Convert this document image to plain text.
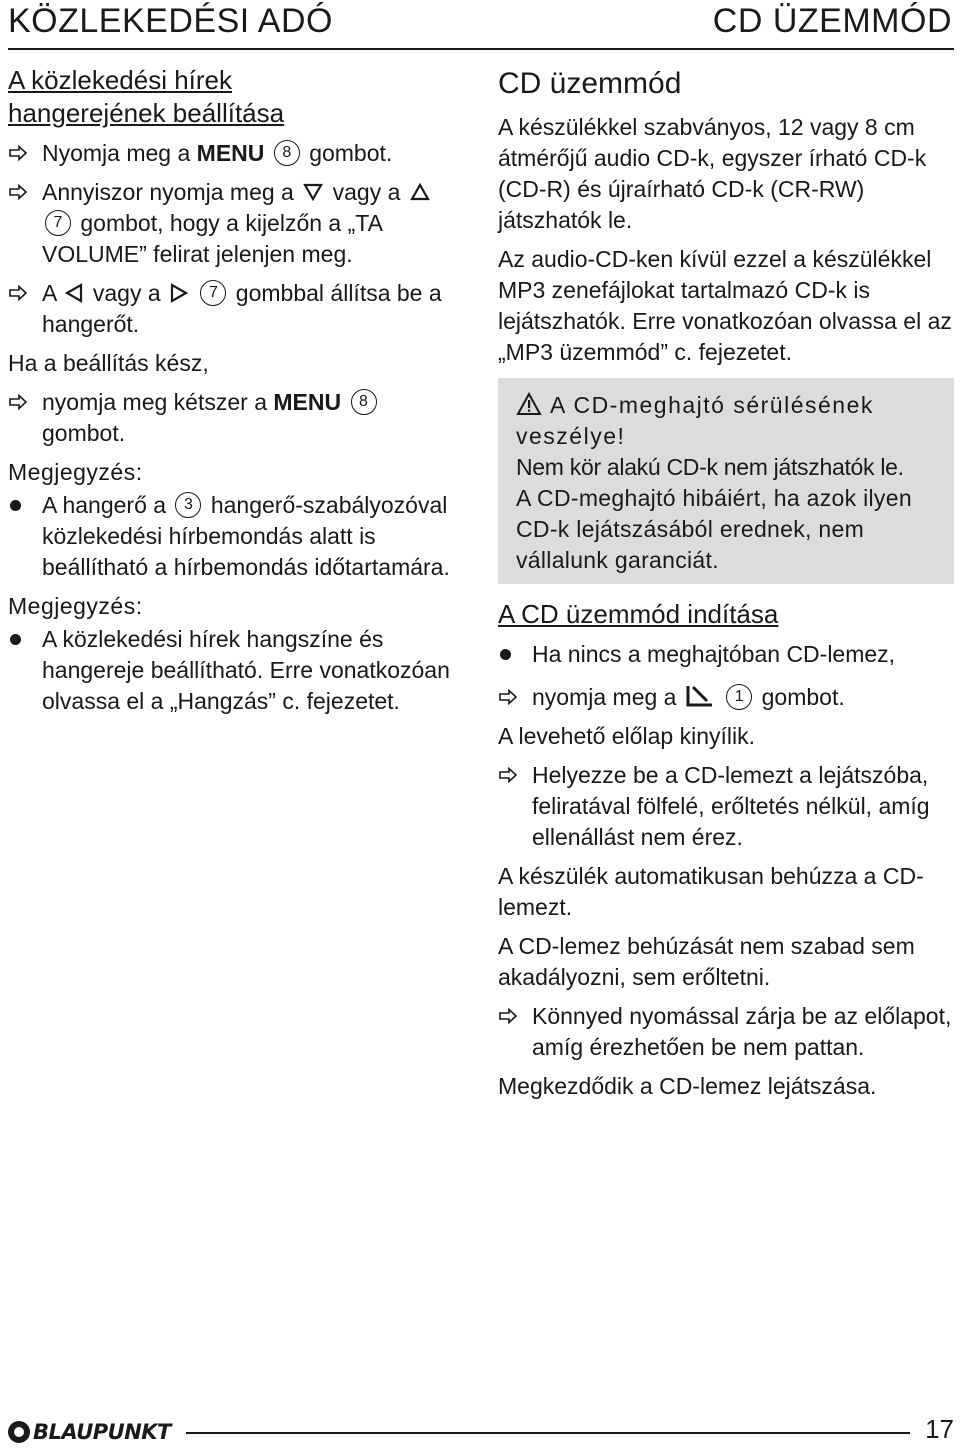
KÖZLEKEDÉSI ADÓ	CD ÜZEMMÓD
A közlekedési hírek
hangerejének beállítása
Nyomja meg a MENU 8 gombot.
Annyiszor nyomja meg a vagy a  7 gombot, hogy a kijelzőn a „TA VOLUME” felirat jelenjen meg.
A vagy a	7 gombbal állítsa be a hangerőt.

Ha a beállítás kész,

nyomja meg kétszer a MENU 8 gombot.
Megjegyzés:
A hangerő a 3 hangerő-szabályozóval közlekedési hírbemondás alatt is beállítható a hírbemondás időtartamára.
Megjegyzés:
A közlekedési hírek hangszíne és hangereje beállítható. Erre vonatkozóan olvassa el a „Hangzás” c. fejezetet.
CD üzemmód

A készülékkel szabványos, 12 vagy 8 cm átmérőjű audio CD-k, egyszer írható CD-k (CD-R) és újraírható CD-k (CR-RW) játszhatók le.

Az audio-CD-ken kívül ezzel a készülékkel MP3 zenefájlokat tartalmazó CD-k is lejátszhatók. Erre vonatkozóan olvassa el az „MP3 üzemmód” c. fejezetet.

A CD-meghajtó sérülésének veszélye!
Nem kör alakú CD-k nem játszhatók le.
A CD-meghajtó hibáiért, ha azok ilyen CD-k lejátszásából erednek, nem vállalunk garanciát.
A CD üzemmód indítása
Ha nincs a meghajtóban CD-lemez,
nyomja meg a	1 gombot.

A levehető előlap kinyílik.

Helyezze be a CD-lemezt a lejátszóba, feliratával fölfelé, erőltetés nélkül, amíg ellenállást nem érez.

A készülék automatikusan behúzza a CD-lemezt.

A CD-lemez behúzását nem szabad sem akadályozni, sem erőltetni.

Könnyed nyomással zárja be az előlapot, amíg érezhetően be nem pattan.

Megkezdődik a CD-lemez lejátszása.

BLAUPUNKT	17
